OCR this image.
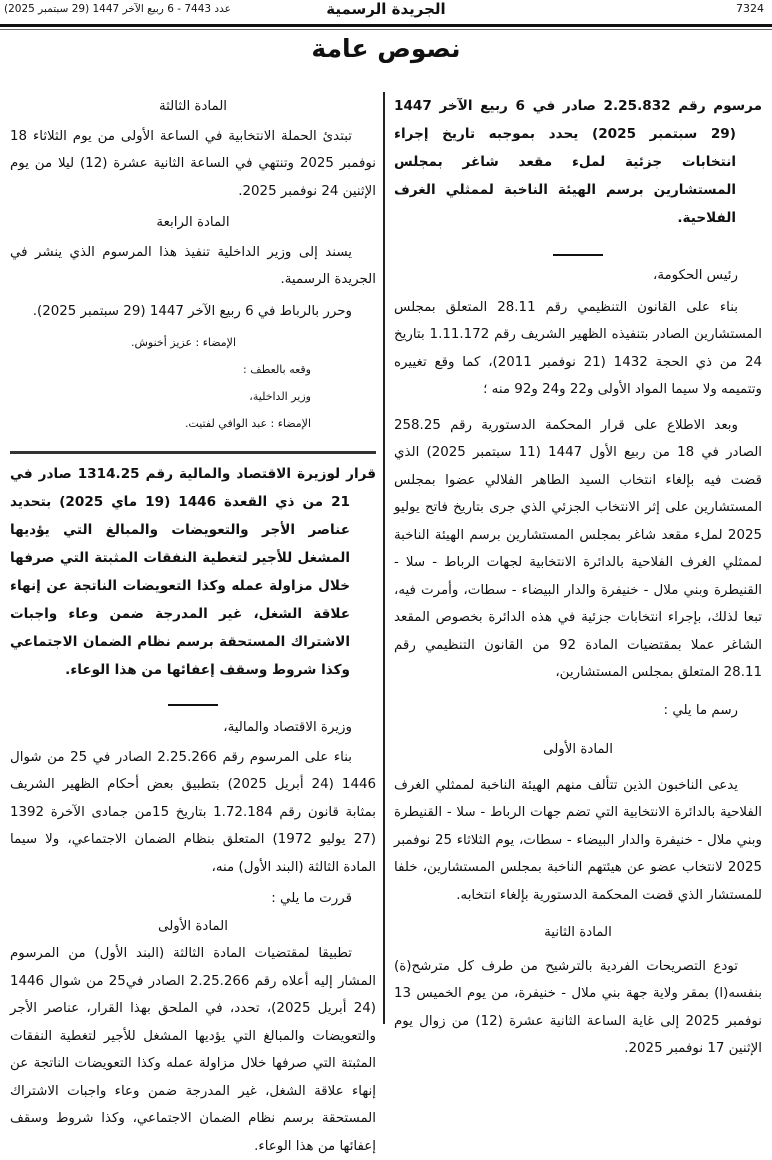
7324
الجريدة الرسمية
عدد 7443 - 6 ربيع الآخر 1447 (29 سبتمبر 2025)
نصوص عامة

مرسوم رقم 2.25.832 صادر في 6 ربيع الآخر 1447 (29 سبتمبر 2025) يحدد بموجبه تاريخ إجراء انتخابات جزئية لملء مقعد شاغر بمجلس المستشارين برسم الهيئة الناخبة لممثلي الغرف الفلاحية.

رئيس الحكومة،

بناء على القانون التنظيمي رقم 28.11 المتعلق بمجلس المستشارين الصادر بتنفيذه الظهير الشريف رقم 1.11.172 بتاريخ 24 من ذي الحجة 1432 (21 نوفمبر 2011)، كما وقع تغييره وتتميمه ولا سيما المواد الأولى و22 و24 و92 منه ؛

وبعد الاطلاع على قرار المحكمة الدستورية رقم 258.25 الصادر في 18 من ربيع الأول 1447 (11 سبتمبر 2025) الذي قضت فيه بإلغاء انتخاب السيد الطاهر الفلالي عضوا بمجلس المستشارين على إثر الانتخاب الجزئي الذي جرى بتاريخ فاتح يوليو 2025 لملء مقعد شاغر بمجلس المستشارين برسم الهيئة الناخبة لممثلي الغرف الفلاحية بالدائرة الانتخابية لجهات الرباط - سلا - القنيطرة وبني ملال - خنيفرة والدار البيضاء - سطات، وأمرت فيه، تبعا لذلك، بإجراء انتخابات جزئية في هذه الدائرة بخصوص المقعد الشاغر عملا بمقتضيات المادة 92 من القانون التنظيمي رقم 28.11 المتعلق بمجلس المستشارين،

رسم ما يلي :

المادة الأولى

يدعى الناخبون الذين تتألف منهم الهيئة الناخبة لممثلي الغرف الفلاحية بالدائرة الانتخابية التي تضم جهات الرباط - سلا - القنيطرة وبني ملال - خنيفرة والدار البيضاء - سطات، يوم الثلاثاء 25 نوفمبر 2025 لانتخاب عضو عن هيئتهم الناخبة بمجلس المستشارين، خلفا للمستشار الذي قضت المحكمة الدستورية بإلغاء انتخابه.

المادة الثانية

تودع التصريحات الفردية بالترشيح من طرف كل مترشح(ة) بنفسه(ا) بمقر ولاية جهة بني ملال - خنيفرة، من يوم الخميس 13 نوفمبر 2025 إلى غاية الساعة الثانية عشرة (12) من زوال يوم الإثنين 17 نوفمبر 2025.

المادة الثالثة

تبتدئ الحملة الانتخابية في الساعة الأولى من يوم الثلاثاء 18 نوفمبر 2025 وتنتهي في الساعة الثانية عشرة (12) ليلا من يوم الإثنين 24 نوفمبر 2025.

المادة الرابعة

يسند إلى وزير الداخلية تنفيذ هذا المرسوم الذي ينشر في الجريدة الرسمية.

وحرر بالرباط في 6 ربيع الآخر 1447 (29 سبتمبر 2025).

الإمضاء : عزيز أخنوش.

وقعه بالعطف :

وزير الداخلية،

الإمضاء : عبد الوافي لفتيت.

قرار لوزيرة الاقتصاد والمالية رقم 1314.25 صادر في 21 من ذي القعدة 1446 (19 ماي 2025) بتحديد عناصر الأجر والتعويضات والمبالغ التي يؤديها المشغل للأجير لتغطية النفقات المثبتة التي صرفها خلال مزاولة عمله وكذا التعويضات الناتجة عن إنهاء علاقة الشغل، غير المدرجة ضمن وعاء واجبات الاشتراك المستحقة برسم نظام الضمان الاجتماعي وكذا شروط وسقف إعفائها من هذا الوعاء.

وزيرة الاقتصاد والمالية،

بناء على المرسوم رقم 2.25.266 الصادر في 25 من شوال 1446 (24 أبريل 2025) بتطبيق بعض أحكام الظهير الشريف بمثابة قانون رقم 1.72.184 بتاريخ 15من جمادى الآخرة 1392 (27 يوليو 1972) المتعلق بنظام الضمان الاجتماعي، ولا سيما المادة الثالثة (البند الأول) منه،

قررت ما يلي :

المادة الأولى

تطبيقا لمقتضيات المادة الثالثة (البند الأول) من المرسوم المشار إليه أعلاه رقم 2.25.266 الصادر في25 من شوال 1446 (24 أبريل 2025)، تحدد، في الملحق بهذا القرار، عناصر الأجر والتعويضات والمبالغ التي يؤديها المشغل للأجير لتغطية النفقات المثبتة التي صرفها خلال مزاولة عمله وكذا التعويضات الناتجة عن إنهاء علاقة الشغل، غير المدرجة ضمن وعاء واجبات الاشتراك المستحقة برسم نظام الضمان الاجتماعي، وكذا شروط وسقف إعفائها من هذا الوعاء.
